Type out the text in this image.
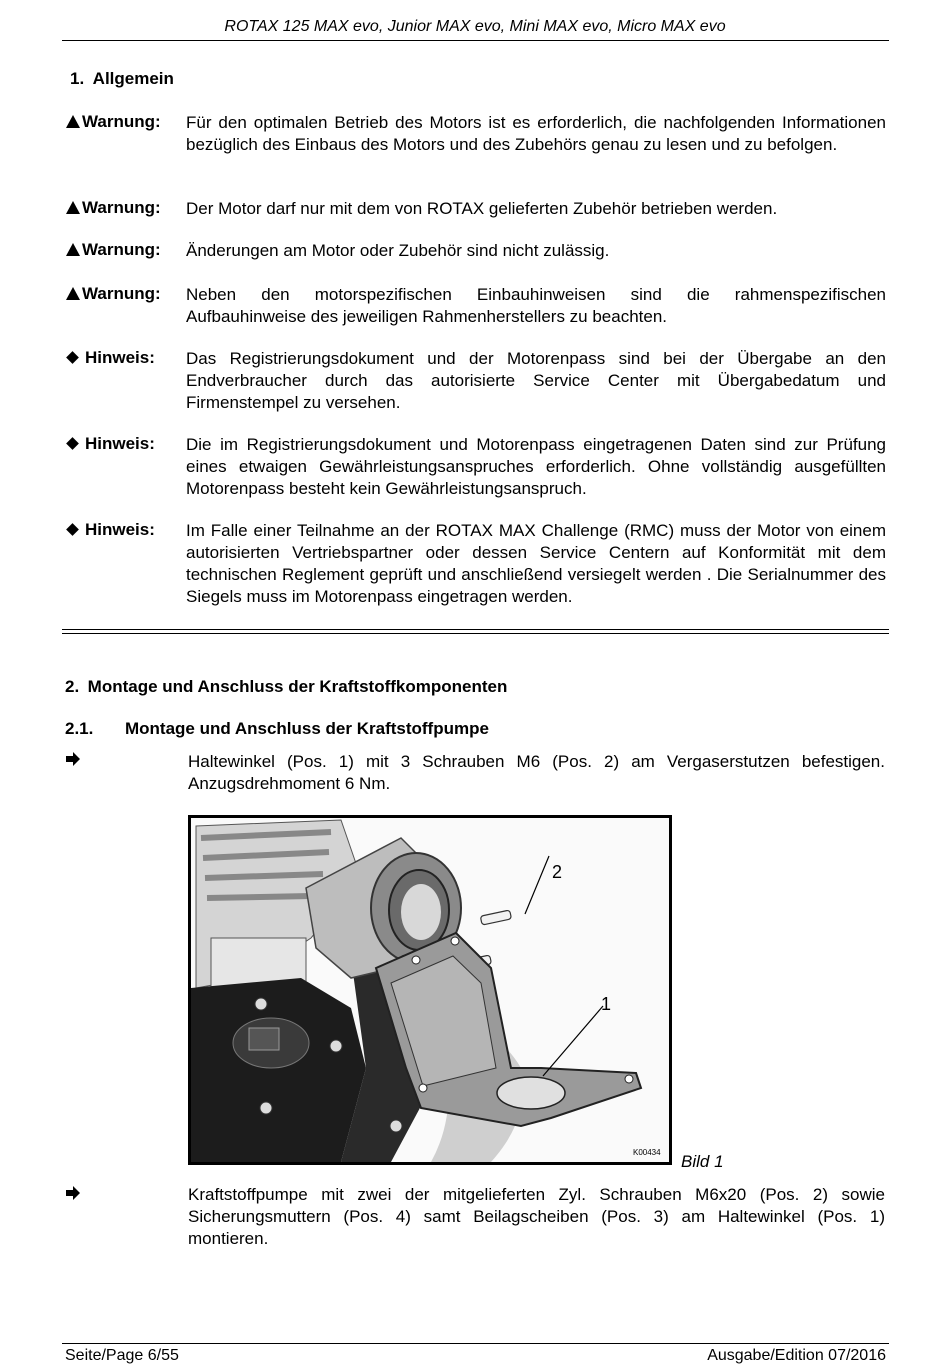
ROTAX 125 MAX evo, Junior MAX evo, Mini MAX evo, Micro MAX evo
1. Allgemein
Warnung: Für den optimalen Betrieb des Motors ist es erforderlich, die nachfolgenden Informationen bezüglich des Einbaus des Motors und des Zubehörs genau zu lesen und zu befolgen.
Warnung: Der Motor darf nur mit dem von ROTAX gelieferten Zubehör betrieben werden.
Warnung: Änderungen am Motor oder Zubehör sind nicht zulässig.
Warnung: Neben den motorspezifischen Einbauhinweisen sind die rahmenspezifischen Aufbauhinweise des jeweiligen Rahmenherstellers zu beachten.
Hinweis: Das Registrierungsdokument und der Motorenpass sind bei der Übergabe an den Endverbraucher durch das autorisierte Service Center mit Übergabedatum und Firmenstempel zu versehen.
Hinweis: Die im Registrierungsdokument und Motorenpass eingetragenen Daten sind zur Prüfung eines etwaigen Gewährleistungsanspruches erforderlich. Ohne vollständig ausgefüllten Motorenpass besteht kein Gewährleistungsanspruch.
Hinweis: Im Falle einer Teilnahme an der ROTAX MAX Challenge (RMC) muss der Motor von einem autorisierten Vertriebspartner oder dessen Service Centern auf Konformität mit dem technischen Reglement geprüft und anschließend versiegelt werden . Die Serialnummer des Siegels muss im Motorenpass eingetragen werden.
2. Montage und Anschluss der Kraftstoffkomponenten
2.1. Montage und Anschluss der Kraftstoffpumpe
Haltewinkel (Pos. 1) mit 3 Schrauben M6 (Pos. 2) am Vergaserstutzen befestigen. Anzugsdrehmoment 6 Nm.
2
1
K00434 Bild 1
Kraftstoffpumpe mit zwei der mitgelieferten Zyl. Schrauben M6x20 (Pos. 2) sowie Sicherungsmuttern (Pos. 4) samt Beilagscheiben (Pos. 3) am Haltewinkel (Pos. 1) montieren.
Seite/Page 6/55	Ausgabe/Edition 07/2016
